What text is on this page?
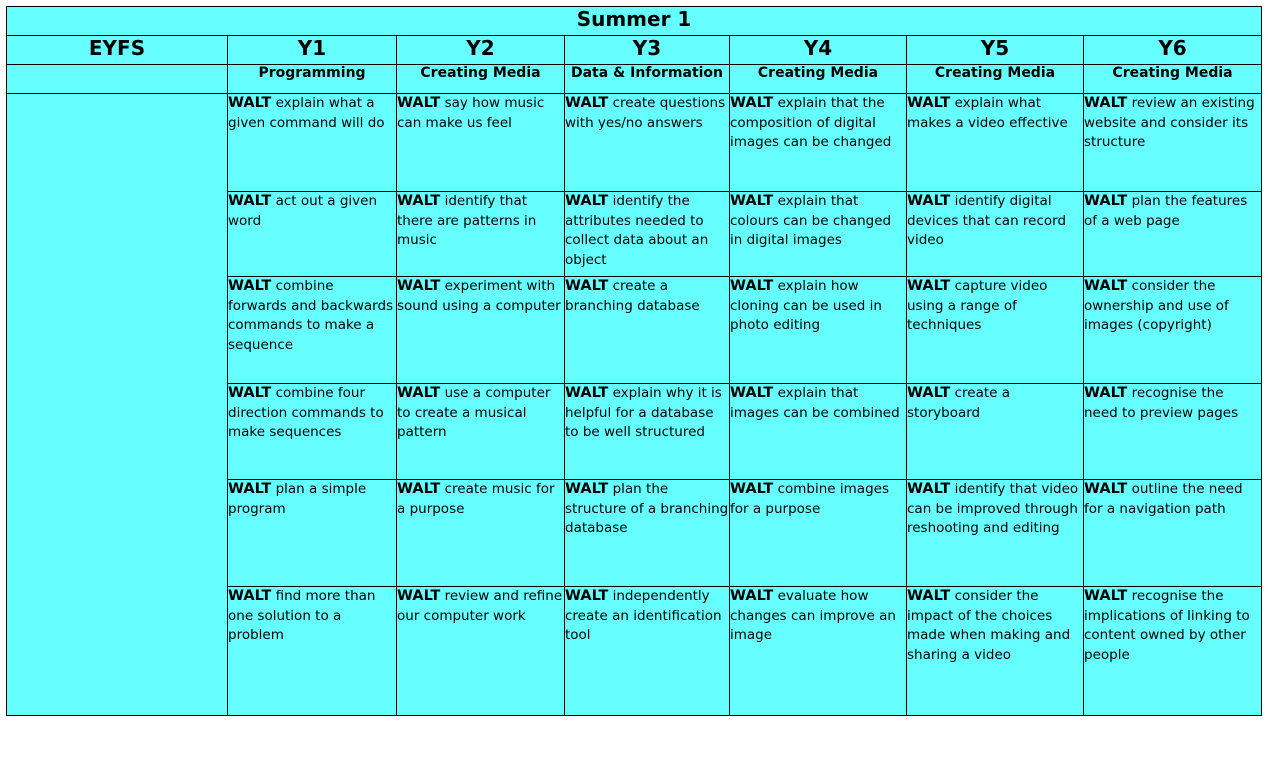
Summer 1						
EYFS	Y1	Y2	Y3	Y4	Y5	Y6
	Programming	Creating Media	Data & Information	Creating Media	Creating Media	Creating Media
	WALT explain what a given command will do	WALT say how music can make us feel	WALT create questions with yes/no answers	WALT explain that the composition of digital images can be changed	WALT explain what makes a video effective	WALT review an existing website and consider its structure
	WALT act out a given word	WALT identify that there are patterns in music	WALT identify the attributes needed to collect data about an object	WALT explain that colours can be changed in digital images	WALT identify digital devices that can record video	WALT plan the features of a web page
	WALT combine forwards and backwards commands to make a sequence	WALT experiment with sound using a computer	WALT create a branching database	WALT explain how cloning can be used in photo editing	WALT capture video using a range of techniques	WALT consider the ownership and use of images (copyright)
	WALT combine four direction commands to make sequences	WALT use a computer to create a musical pattern	WALT explain why it is helpful for a database to be well structured	WALT explain that images can be combined	WALT create a storyboard	WALT recognise the need to preview pages
	WALT plan a simple program	WALT create music for a purpose	WALT plan the structure of a branching database	WALT combine images for a purpose	WALT identify that video can be improved through reshooting and editing	WALT outline the need for a navigation path
	WALT find more than one solution to a problem	WALT review and refine our computer work	WALT independently create an identification tool	WALT evaluate how changes can improve an image	WALT consider the impact of the choices made when making and sharing a video	WALT recognise the implications of linking to content owned by other people
